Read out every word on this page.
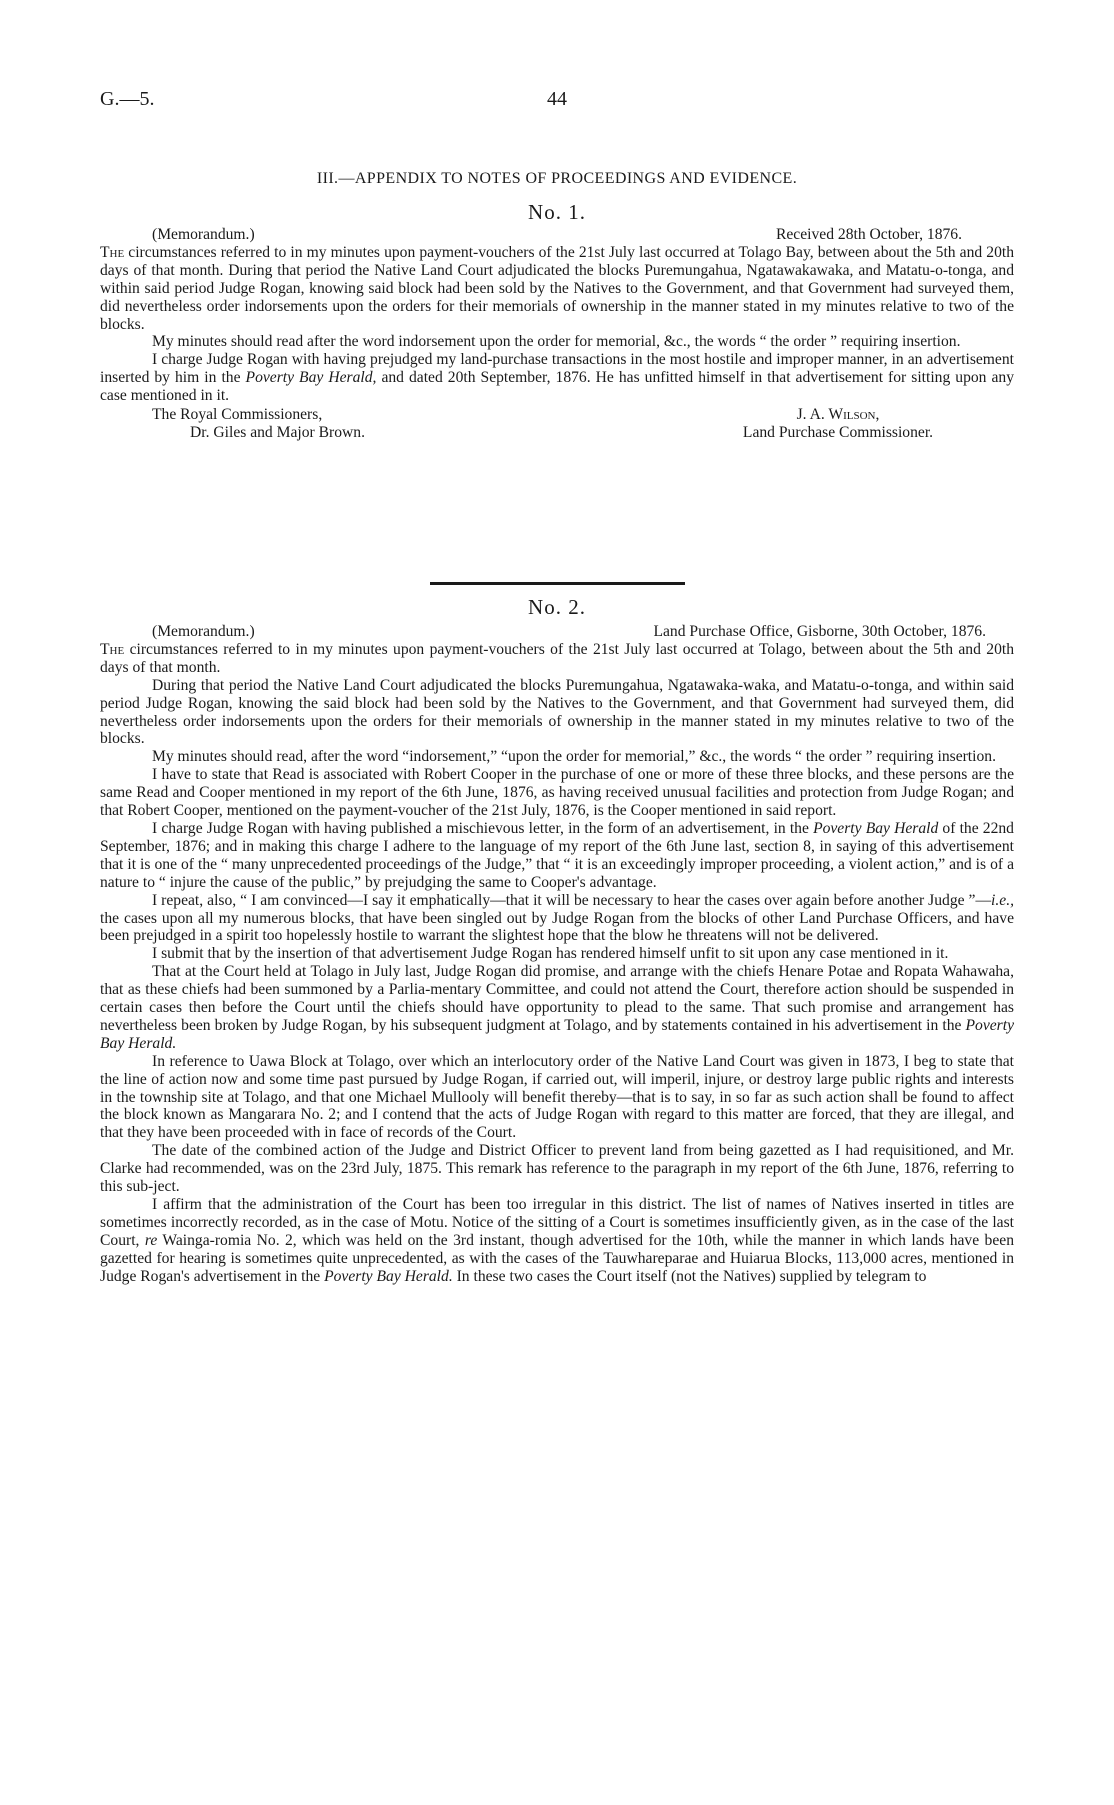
G.—5.	44
III.—APPENDIX TO NOTES OF PROCEEDINGS AND EVIDENCE.
No. 1.
(Memorandum.)	Received 28th October, 1876.

The circumstances referred to in my minutes upon payment-vouchers of the 21st July last occurred at Tolago Bay, between about the 5th and 20th days of that month. During that period the Native Land Court adjudicated the blocks Puremungahua, Ngatawakawaka, and Matatu-o-tonga, and within said period Judge Rogan, knowing said block had been sold by the Natives to the Government, and that Government had surveyed them, did nevertheless order indorsements upon the orders for their memorials of ownership in the manner stated in my minutes relative to two of the blocks.

My minutes should read after the word indorsement upon the order for memorial, &c., the words “ the order ” requiring insertion.

I charge Judge Rogan with having prejudged my land-purchase transactions in the most hostile and improper manner, in an advertisement inserted by him in the Poverty Bay Herald, and dated 20th September, 1876. He has unfitted himself in that advertisement for sitting upon any case mentioned in it.

The Royal Commissioners,
Dr. Giles and Major Brown.
J. A. Wilson,
Land Purchase Commissioner.
No. 2.
(Memorandum.)	Land Purchase Office, Gisborne, 30th October, 1876.

The circumstances referred to in my minutes upon payment-vouchers of the 21st July last occurred at Tolago, between about the 5th and 20th days of that month.

During that period the Native Land Court adjudicated the blocks Puremungahua, Ngatawaka-waka, and Matatu-o-tonga, and within said period Judge Rogan, knowing the said block had been sold by the Natives to the Government, and that Government had surveyed them, did nevertheless order indorsements upon the orders for their memorials of ownership in the manner stated in my minutes relative to two of the blocks.

My minutes should read, after the word “indorsement,” “upon the order for memorial,” &c., the words “ the order ” requiring insertion.

I have to state that Read is associated with Robert Cooper in the purchase of one or more of these three blocks, and these persons are the same Read and Cooper mentioned in my report of the 6th June, 1876, as having received unusual facilities and protection from Judge Rogan; and that Robert Cooper, mentioned on the payment-voucher of the 21st July, 1876, is the Cooper mentioned in said report.

I charge Judge Rogan with having published a mischievous letter, in the form of an advertisement, in the Poverty Bay Herald of the 22nd September, 1876; and in making this charge I adhere to the language of my report of the 6th June last, section 8, in saying of this advertisement that it is one of the “ many unprecedented proceedings of the Judge,” that “ it is an exceedingly improper proceeding, a violent action,” and is of a nature to “ injure the cause of the public,” by prejudging the same to Cooper's advantage.

I repeat, also, “ I am convinced—I say it emphatically—that it will be necessary to hear the cases over again before another Judge ”—i.e., the cases upon all my numerous blocks, that have been singled out by Judge Rogan from the blocks of other Land Purchase Officers, and have been prejudged in a spirit too hopelessly hostile to warrant the slightest hope that the blow he threatens will not be delivered.

I submit that by the insertion of that advertisement Judge Rogan has rendered himself unfit to sit upon any case mentioned in it.

That at the Court held at Tolago in July last, Judge Rogan did promise, and arrange with the chiefs Henare Potae and Ropata Wahawaha, that as these chiefs had been summoned by a Parlia-mentary Committee, and could not attend the Court, therefore action should be suspended in certain cases then before the Court until the chiefs should have opportunity to plead to the same. That such promise and arrangement has nevertheless been broken by Judge Rogan, by his subsequent judgment at Tolago, and by statements contained in his advertisement in the Poverty Bay Herald.

In reference to Uawa Block at Tolago, over which an interlocutory order of the Native Land Court was given in 1873, I beg to state that the line of action now and some time past pursued by Judge Rogan, if carried out, will imperil, injure, or destroy large public rights and interests in the township site at Tolago, and that one Michael Mullooly will benefit thereby—that is to say, in so far as such action shall be found to affect the block known as Mangarara No. 2; and I contend that the acts of Judge Rogan with regard to this matter are forced, that they are illegal, and that they have been proceeded with in face of records of the Court.

The date of the combined action of the Judge and District Officer to prevent land from being gazetted as I had requisitioned, and Mr. Clarke had recommended, was on the 23rd July, 1875. This remark has reference to the paragraph in my report of the 6th June, 1876, referring to this sub-ject.

I affirm that the administration of the Court has been too irregular in this district. The list of names of Natives inserted in titles are sometimes incorrectly recorded, as in the case of Motu. Notice of the sitting of a Court is sometimes insufficiently given, as in the case of the last Court, re Wainga-romia No. 2, which was held on the 3rd instant, though advertised for the 10th, while the manner in which lands have been gazetted for hearing is sometimes quite unprecedented, as with the cases of the Tauwhareparae and Huiarua Blocks, 113,000 acres, mentioned in Judge Rogan's advertisement in the Poverty Bay Herald. In these two cases the Court itself (not the Natives) supplied by telegram to
